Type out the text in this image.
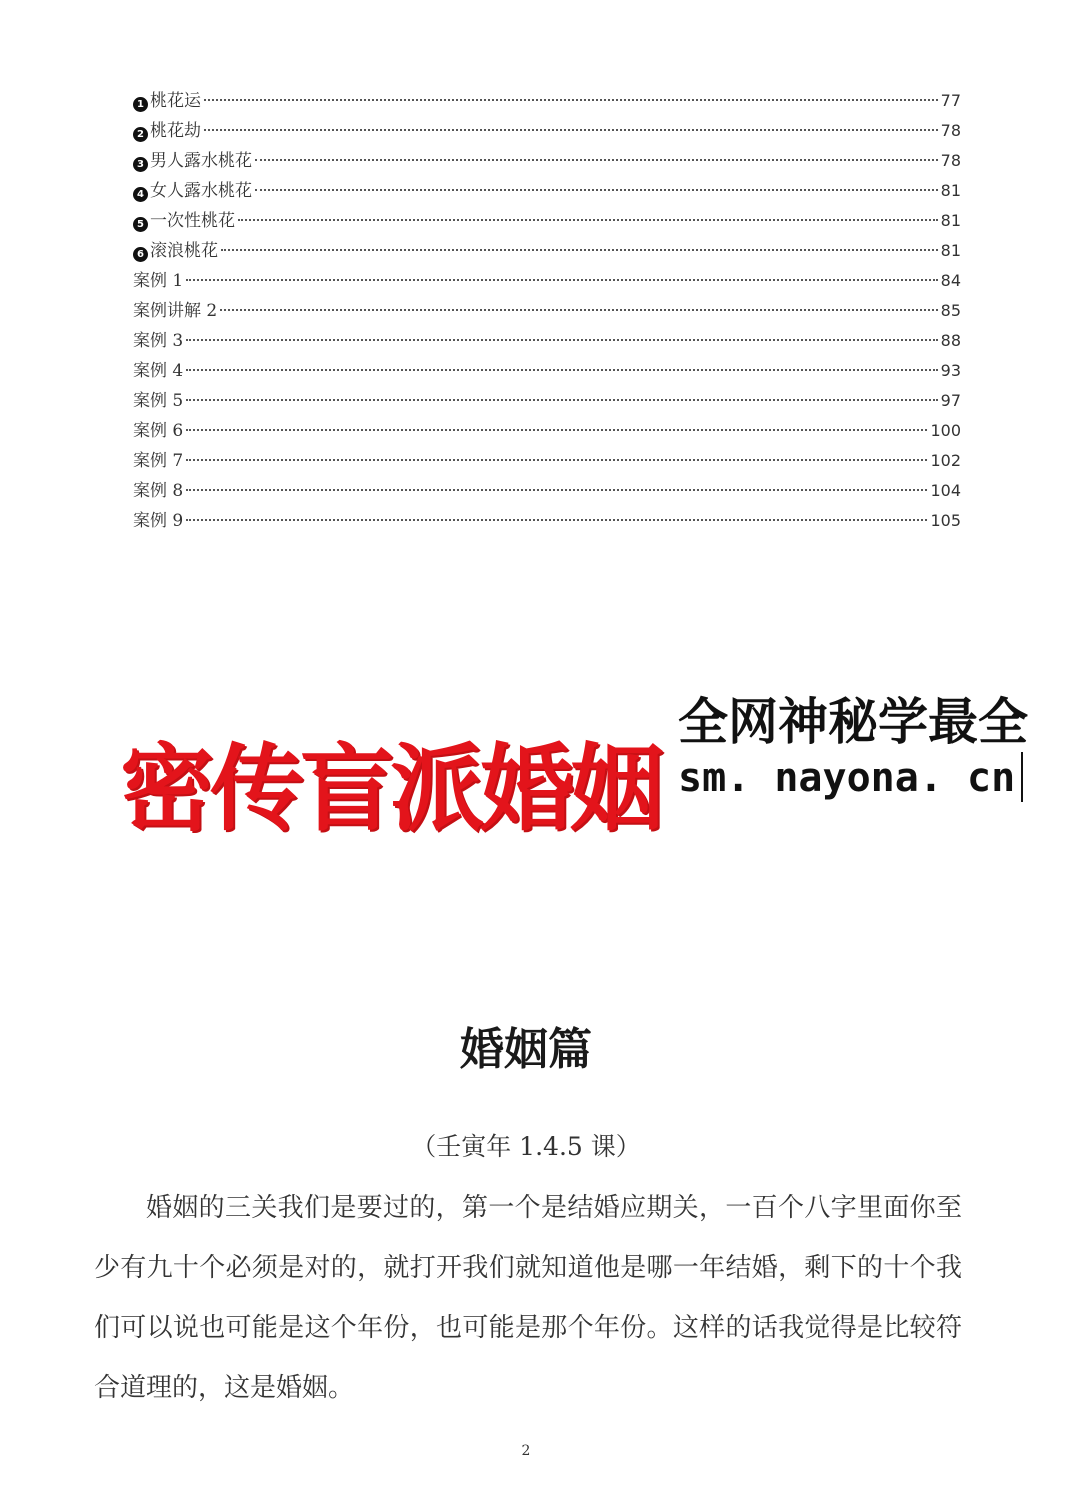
1 桃花运	77
2 桃花劫	78
3 男人露水桃花	78
4 女人露水桃花	81
5 一次性桃花	81
6 滚浪桃花	81
案例 1	84
案例讲解 2	85
案例 3	88
案例 4	93
案例 5	97
案例 6	100
案例 7	102
案例 8	104
案例 9	105
密传盲派婚姻
全网神秘学最全
sm. nayona. cn
婚姻篇
（壬寅年 1.4.5 课）

婚姻的三关我们是要过的，第一个是结婚应期关，一百个八字里面你至少有九十个必须是对的，就打开我们就知道他是哪一年结婚，剩下的十个我们可以说也可能是这个年份，也可能是那个年份。这样的话我觉得是比较符合道理的，这是婚姻。

2
